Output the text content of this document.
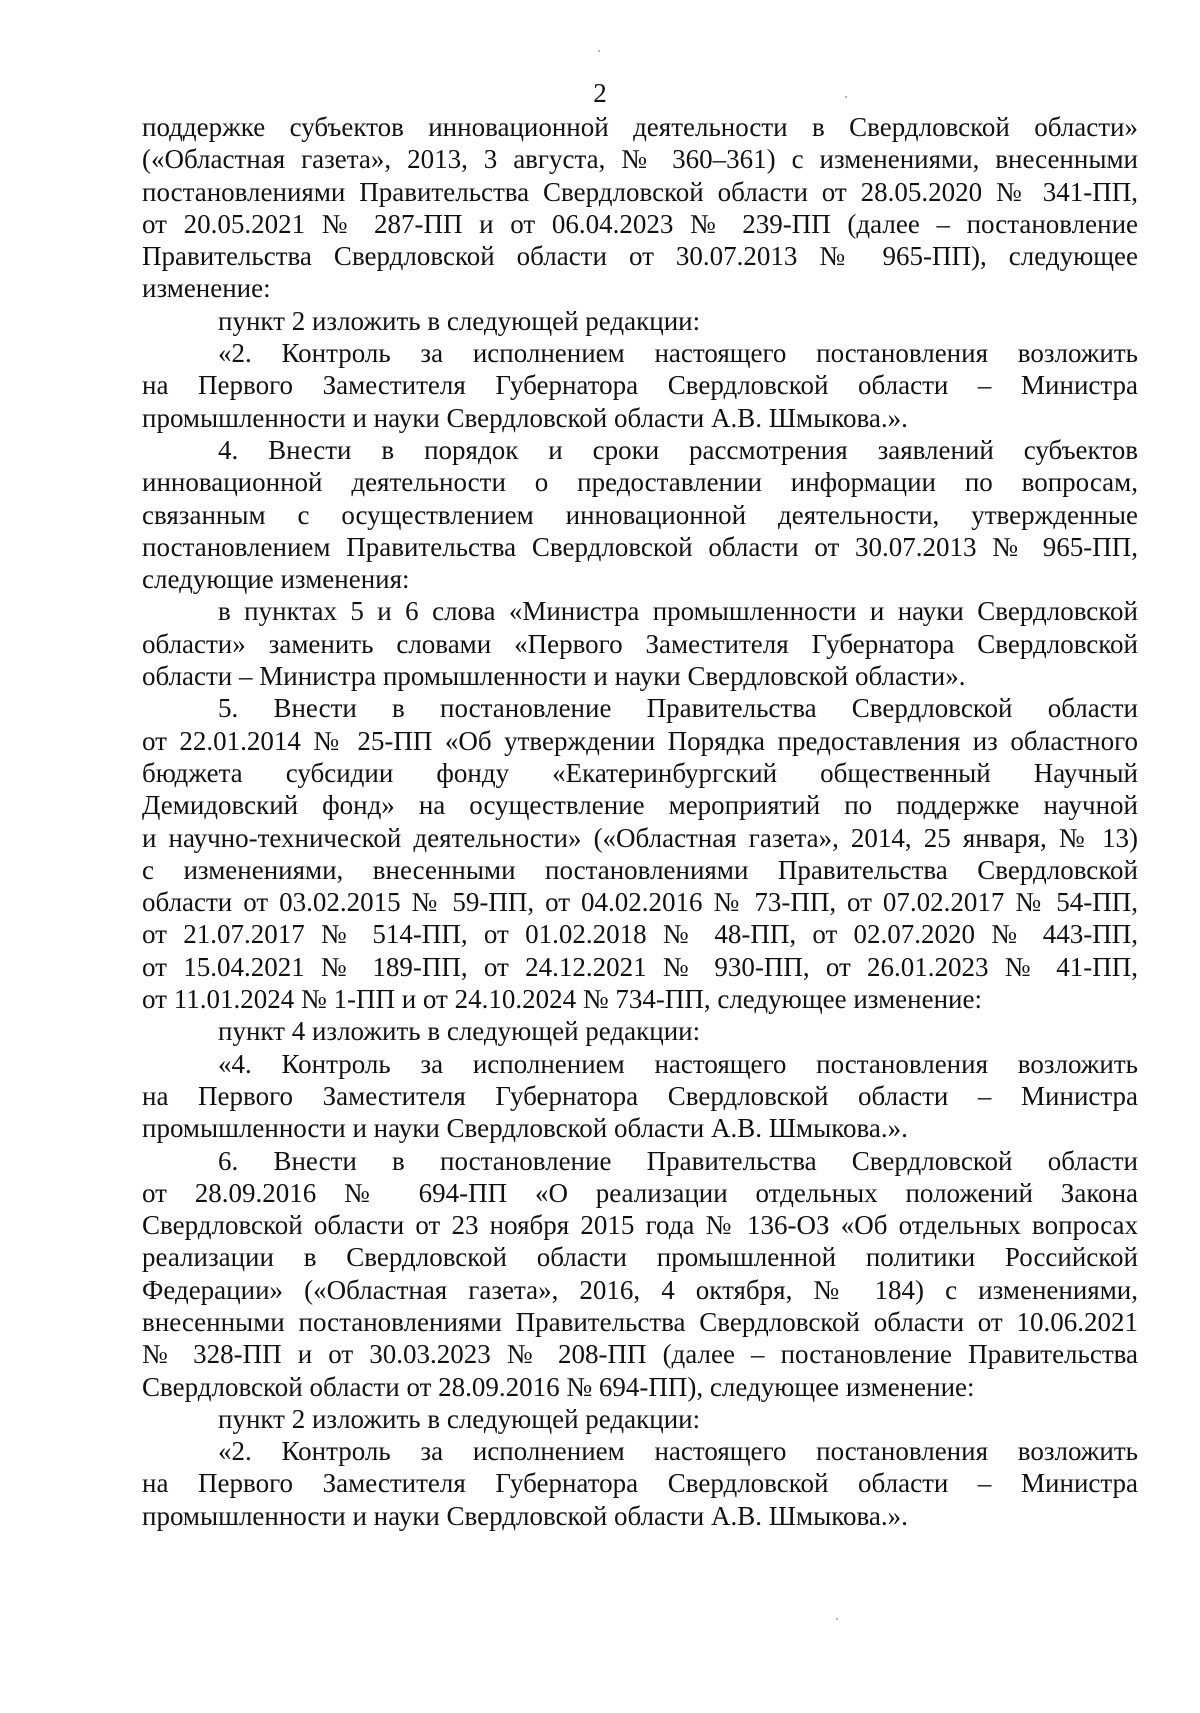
2
поддержке субъектов инновационной деятельности в Свердловской области»
(«Областная газета», 2013, 3 августа, № 360–361) с изменениями, внесенными
постановлениями Правительства Свердловской области от 28.05.2020 № 341-ПП,
от 20.05.2021 № 287-ПП и от 06.04.2023 № 239-ПП (далее – постановление
Правительства Свердловской области от 30.07.2013 № 965-ПП), следующее
изменение:
пункт 2 изложить в следующей редакции:
«2. Контроль за исполнением настоящего постановления возложить
на Первого Заместителя Губернатора Свердловской области – Министра
промышленности и науки Свердловской области А.В. Шмыкова.».
4. Внести в порядок и сроки рассмотрения заявлений субъектов
инновационной деятельности о предоставлении информации по вопросам,
связанным с осуществлением инновационной деятельности, утвержденные
постановлением Правительства Свердловской области от 30.07.2013 № 965-ПП,
следующие изменения:
в пунктах 5 и 6 слова «Министра промышленности и науки Свердловской
области» заменить словами «Первого Заместителя Губернатора Свердловской
области – Министра промышленности и науки Свердловской области».
5. Внести в постановление Правительства Свердловской области
от 22.01.2014 № 25-ПП «Об утверждении Порядка предоставления из областного
бюджета субсидии фонду «Екатеринбургский общественный Научный
Демидовский фонд» на осуществление мероприятий по поддержке научной
и научно-технической деятельности» («Областная газета», 2014, 25 января, № 13)
с изменениями, внесенными постановлениями Правительства Свердловской
области от 03.02.2015 № 59-ПП, от 04.02.2016 № 73-ПП, от 07.02.2017 № 54-ПП,
от 21.07.2017 № 514-ПП, от 01.02.2018 № 48-ПП, от 02.07.2020 № 443-ПП,
от 15.04.2021 № 189-ПП, от 24.12.2021 № 930-ПП, от 26.01.2023 № 41-ПП,
от 11.01.2024 № 1-ПП и от 24.10.2024 № 734-ПП, следующее изменение:
пункт 4 изложить в следующей редакции:
«4. Контроль за исполнением настоящего постановления возложить
на Первого Заместителя Губернатора Свердловской области – Министра
промышленности и науки Свердловской области А.В. Шмыкова.».
6. Внести в постановление Правительства Свердловской области
от 28.09.2016 № 694-ПП «О реализации отдельных положений Закона
Свердловской области от 23 ноября 2015 года № 136-ОЗ «Об отдельных вопросах
реализации в Свердловской области промышленной политики Российской
Федерации» («Областная газета», 2016, 4 октября, № 184) с изменениями,
внесенными постановлениями Правительства Свердловской области от 10.06.2021
№ 328-ПП и от 30.03.2023 № 208-ПП (далее – постановление Правительства
Свердловской области от 28.09.2016 № 694-ПП), следующее изменение:
пункт 2 изложить в следующей редакции:
«2. Контроль за исполнением настоящего постановления возложить
на Первого Заместителя Губернатора Свердловской области – Министра
промышленности и науки Свердловской области А.В. Шмыкова.».
